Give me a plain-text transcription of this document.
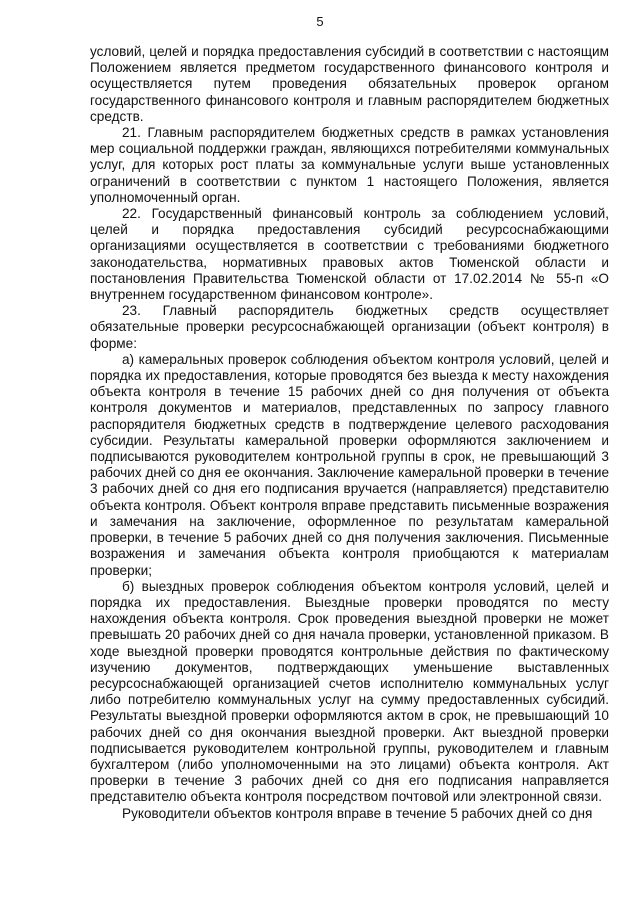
5

условий, целей и порядка предоставления субсидий в соответствии с настоящим Положением является предметом государственного финансового контроля и осуществляется путем проведения обязательных проверок органом государственного финансового контроля и главным распорядителем бюджетных средств.

21. Главным распорядителем бюджетных средств в рамках установления мер социальной поддержки граждан, являющихся потребителями коммунальных услуг, для которых рост платы за коммунальные услуги выше установленных ограничений в соответствии с пунктом 1 настоящего Положения, является уполномоченный орган.

22. Государственный финансовый контроль за соблюдением условий, целей и порядка предоставления субсидий ресурсоснабжающими организациями осуществляется в соответствии с требованиями бюджетного законодательства, нормативных правовых актов Тюменской области и постановления Правительства Тюменской области от 17.02.2014 № 55-п «О внутреннем государственном финансовом контроле».

23. Главный распорядитель бюджетных средств осуществляет обязательные проверки ресурсоснабжающей организации (объект контроля) в форме:

а) камеральных проверок соблюдения объектом контроля условий, целей и порядка их предоставления, которые проводятся без выезда к месту нахождения объекта контроля в течение 15 рабочих дней со дня получения от объекта контроля документов и материалов, представленных по запросу главного распорядителя бюджетных средств в подтверждение целевого расходования субсидии. Результаты камеральной проверки оформляются заключением и подписываются руководителем контрольной группы в срок, не превышающий 3 рабочих дней со дня ее окончания. Заключение камеральной проверки в течение 3 рабочих дней со дня его подписания вручается (направляется) представителю объекта контроля. Объект контроля вправе представить письменные возражения и замечания на заключение, оформленное по результатам камеральной проверки, в течение 5 рабочих дней со дня получения заключения. Письменные возражения и замечания объекта контроля приобщаются к материалам проверки;

б) выездных проверок соблюдения объектом контроля условий, целей и порядка их предоставления. Выездные проверки проводятся по месту нахождения объекта контроля. Срок проведения выездной проверки не может превышать 20 рабочих дней со дня начала проверки, установленной приказом. В ходе выездной проверки проводятся контрольные действия по фактическому изучению документов, подтверждающих уменьшение выставленных ресурсоснабжающей организацией счетов исполнителю коммунальных услуг либо потребителю коммунальных услуг на сумму предоставленных субсидий. Результаты выездной проверки оформляются актом в срок, не превышающий 10 рабочих дней со дня окончания выездной проверки. Акт выездной проверки подписывается руководителем контрольной группы, руководителем и главным бухгалтером (либо уполномоченными на это лицами) объекта контроля. Акт проверки в течение 3 рабочих дней со дня его подписания направляется представителю объекта контроля посредством почтовой или электронной связи.

Руководители объектов контроля вправе в течение 5 рабочих дней со дня
